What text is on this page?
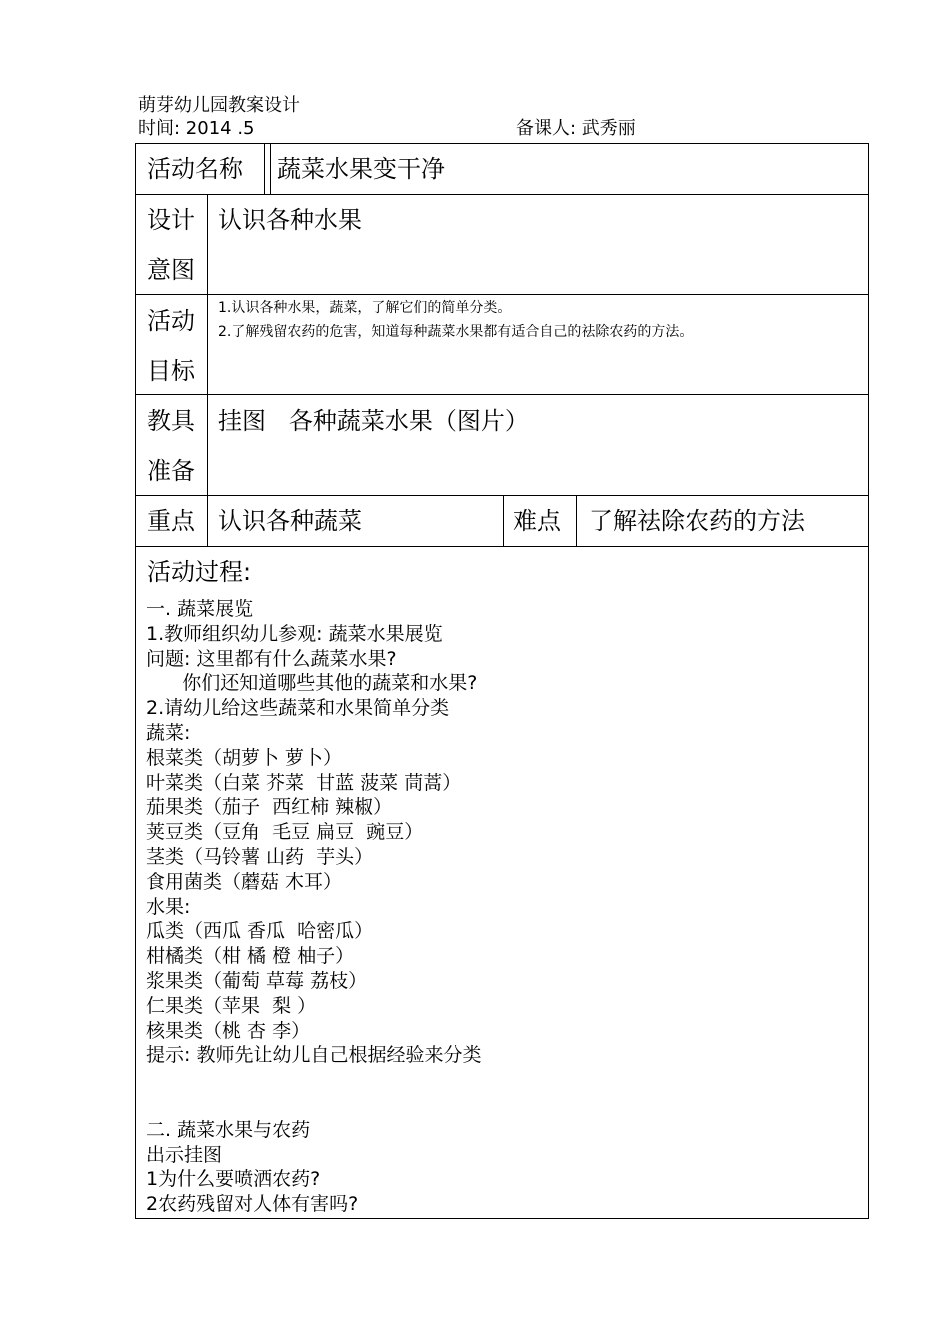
萌芽幼儿园教案设计
时间: 2014 .5	备课人: 武秀丽
活动名称 蔬菜水果变干净
设计
意图
认识各种水果
活动
目标
1.认识各种水果，蔬菜，了解它们的简单分类。
2.了解残留农药的危害，知道每种蔬菜水果都有适合自己的祛除农药的方法。
教具
准备
挂图   各种蔬菜水果（图片）
重点 认识各种蔬菜	难点 了解祛除农药的方法
活动过程:
一. 蔬菜展览
1.教师组织幼儿参观: 蔬菜水果展览
问题: 这里都有什么蔬菜水果?
你们还知道哪些其他的蔬菜和水果?
2.请幼儿给这些蔬菜和水果简单分类
蔬菜:
根菜类（胡萝卜 萝卜）
叶菜类（白菜 芥菜  甘蓝 菠菜 茼蒿）
茄果类（茄子  西红柿 辣椒）
荚豆类（豆角  毛豆 扁豆  豌豆）
茎类（马铃薯 山药  芋头）
食用菌类（蘑菇 木耳）
水果:
瓜类（西瓜 香瓜  哈密瓜）
柑橘类（柑 橘 橙 柚子）
浆果类（葡萄 草莓 荔枝）
仁果类（苹果  梨 ）
核果类（桃 杏 李）
提示: 教师先让幼儿自己根据经验来分类
二. 蔬菜水果与农药
出示挂图
1为什么要喷洒农药?
2农药残留对人体有害吗?
